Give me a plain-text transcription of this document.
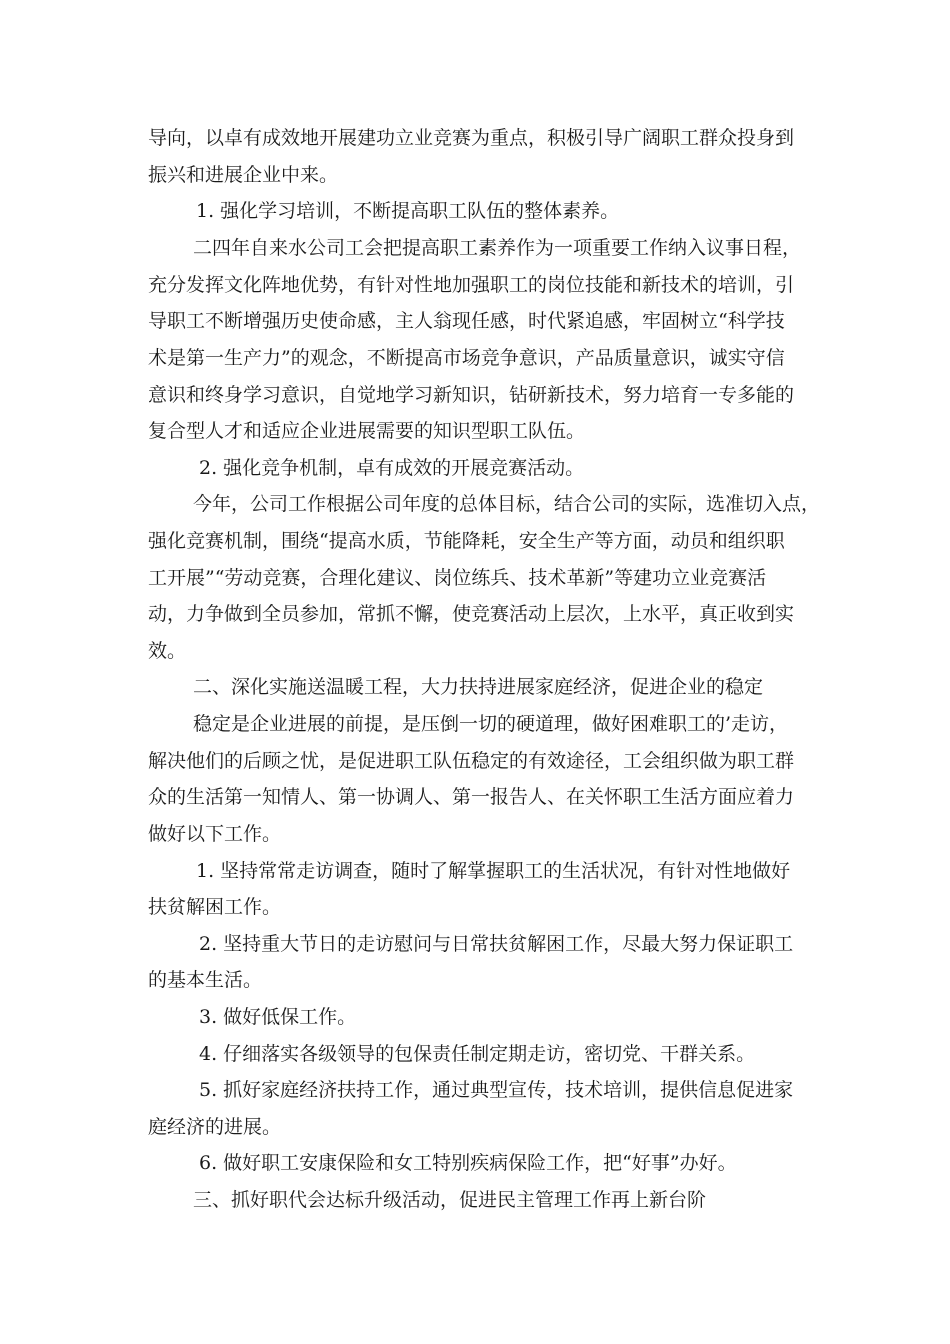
导向，以卓有成效地开展建功立业竞赛为重点，积极引导广阔职工群众投身到
振兴和进展企业中来。
1. 强化学习培训，不断提高职工队伍的整体素养。
二四年自来水公司工会把提高职工素养作为一项重要工作纳入议事日程，
充分发挥文化阵地优势，有针对性地加强职工的岗位技能和新技术的培训，引
导职工不断增强历史使命感，主人翁现任感，时代紧追感，牢固树立“科学技
术是第一生产力”的观念，不断提高市场竞争意识，产品质量意识，诚实守信
意识和终身学习意识，自觉地学习新知识，钻研新技术，努力培育一专多能的
复合型人才和适应企业进展需要的知识型职工队伍。
2. 强化竞争机制，卓有成效的开展竞赛活动。
今年，公司工作根据公司年度的总体目标，结合公司的实际，选准切入点，
强化竞赛机制，围绕“提高水质，节能降耗，安全生产等方面，动员和组织职
工开展”“劳动竞赛，合理化建议、岗位练兵、技术革新”等建功立业竞赛活
动，力争做到全员参加，常抓不懈，使竞赛活动上层次，上水平，真正收到实
效。
二、深化实施送温暖工程，大力扶持进展家庭经济，促进企业的稳定
稳定是企业进展的前提，是压倒一切的硬道理，做好困难职工的’走访，
解决他们的后顾之忧，是促进职工队伍稳定的有效途径，工会组织做为职工群
众的生活第一知情人、第一协调人、第一报告人、在关怀职工生活方面应着力
做好以下工作。
1. 坚持常常走访调查，随时了解掌握职工的生活状况，有针对性地做好
扶贫解困工作。
2. 坚持重大节日的走访慰问与日常扶贫解困工作，尽最大努力保证职工
的基本生活。
3. 做好低保工作。
4. 仔细落实各级领导的包保责任制定期走访，密切党、干群关系。
5. 抓好家庭经济扶持工作，通过典型宣传，技术培训，提供信息促进家
庭经济的进展。
6. 做好职工安康保险和女工特别疾病保险工作，把“好事”办好。
三、抓好职代会达标升级活动，促进民主管理工作再上新台阶
